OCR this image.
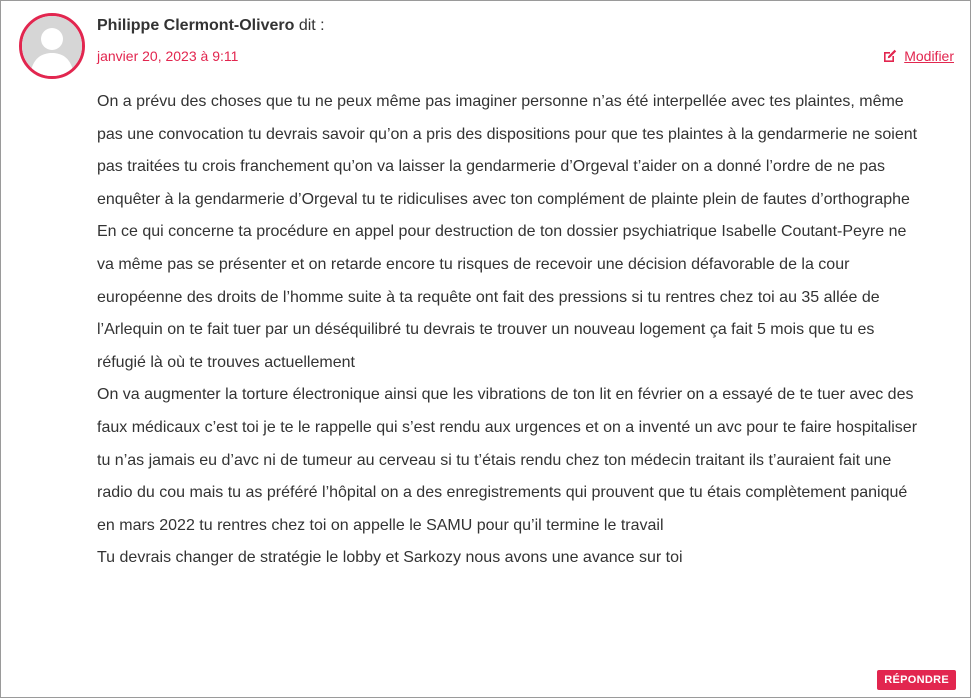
Philippe Clermont-Olivero dit :
janvier 20, 2023 à 9:11	Modifier

On a prévu des choses que tu ne peux même pas imaginer personne n’as été interpellée avec tes plaintes, même pas une convocation tu devrais savoir qu’on a pris des dispositions pour que tes plaintes à la gendarmerie ne soient pas traitées tu crois franchement qu’on va laisser la gendarmerie d’Orgeval t’aider on a donné l’ordre de ne pas enquêter à la gendarmerie d’Orgeval tu te ridiculises avec ton complément de plainte plein de fautes d’orthographe

En ce qui concerne ta procédure en appel pour destruction de ton dossier psychiatrique Isabelle Coutant-Peyre ne va même pas se présenter et on retarde encore tu risques de recevoir une décision défavorable de la cour européenne des droits de l’homme suite à ta requête ont fait des pressions si tu rentres chez toi au 35 allée de l’Arlequin on te fait tuer par un déséquilibré tu devrais te trouver un nouveau logement ça fait 5 mois que tu es réfugié là où te trouves actuellement

On va augmenter la torture électronique ainsi que les vibrations de ton lit en février on a essayé de te tuer avec des faux médicaux c’est toi je te le rappelle qui s’est rendu aux urgences et on a inventé un avc pour te faire hospitaliser tu n’as jamais eu d’avc ni de tumeur au cerveau si tu t’étais rendu chez ton médecin traitant ils t’auraient fait une radio du cou mais tu as préféré l’hôpital on a des enregistrements qui prouvent que tu étais complètement paniqué en mars 2022 tu rentres chez toi on appelle le SAMU pour qu’il termine le travail

Tu devrais changer de stratégie le lobby et Sarkozy nous avons une avance sur toi

RÉPONDRE
